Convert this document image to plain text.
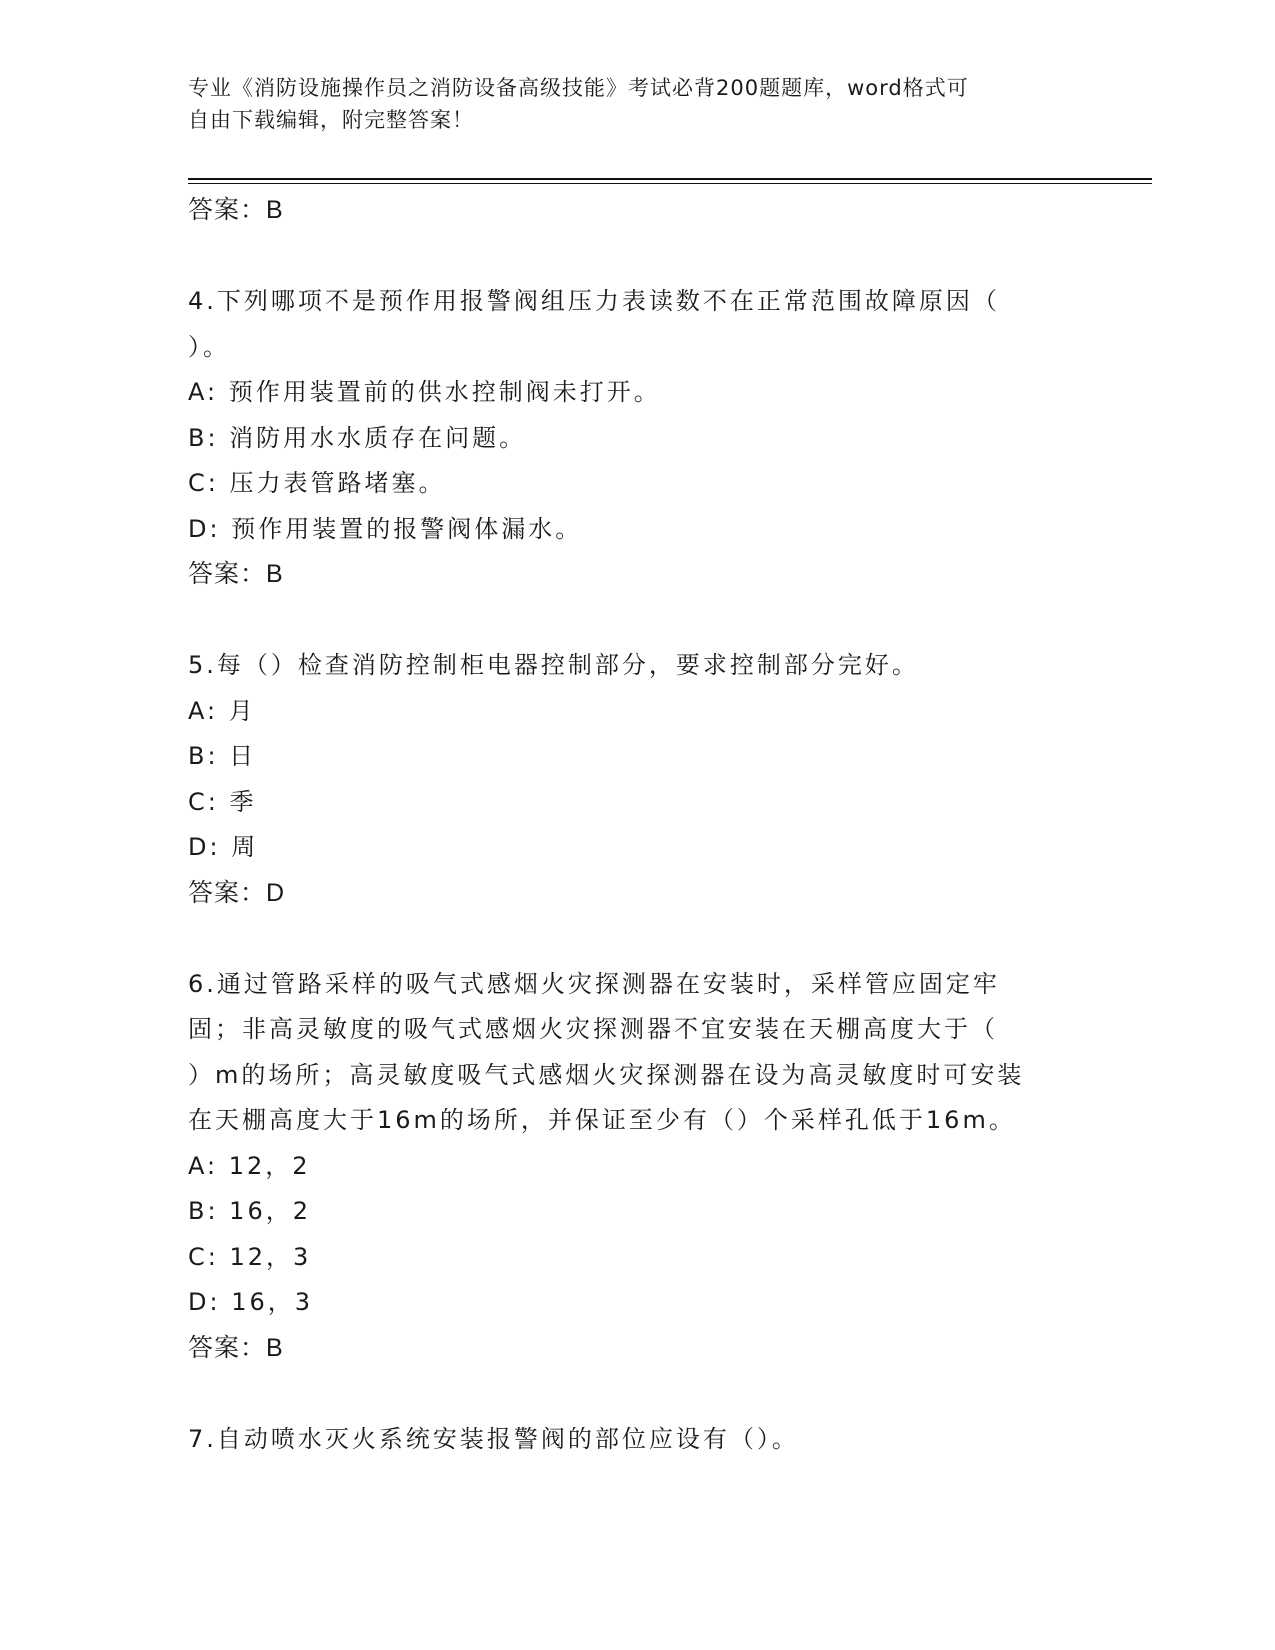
专业《消防设施操作员之消防设备高级技能》考试必背200题题库，word格式可
自由下载编辑，附完整答案！
答案：B
4.下列哪项不是预作用报警阀组压力表读数不在正常范围故障原因（
）。
A: 预作用装置前的供水控制阀未打开。
B: 消防用水水质存在问题。
C: 压力表管路堵塞。
D: 预作用装置的报警阀体漏水。
答案：B
5.每（）检查消防控制柜电器控制部分，要求控制部分完好。
A: 月
B: 日
C: 季
D: 周
答案：D
6.通过管路采样的吸气式感烟火灾探测器在安装时，采样管应固定牢
固；非高灵敏度的吸气式感烟火灾探测器不宜安装在天棚高度大于（
）m的场所；高灵敏度吸气式感烟火灾探测器在设为高灵敏度时可安装
在天棚高度大于16m的场所，并保证至少有（）个采样孔低于16m。
A: 12，2
B: 16，2
C: 12，3
D: 16，3
答案：B
7.自动喷水灭火系统安装报警阀的部位应设有（）。
